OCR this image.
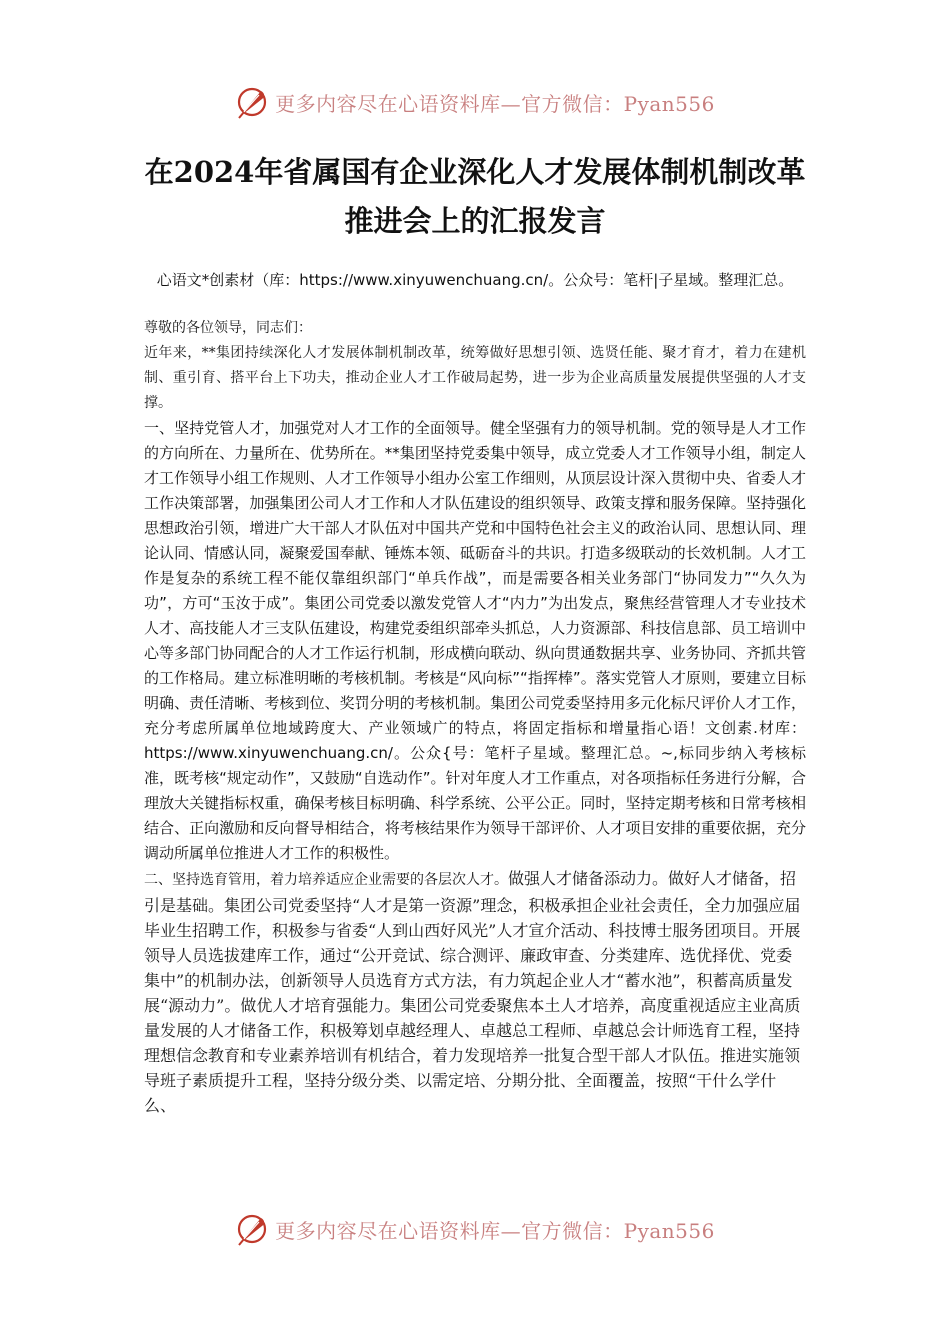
更多内容尽在心语资料库—官方微信：Pyan556
在2024年省属国有企业深化人才发展体制机制改革
推进会上的汇报发言

心语文*创素材（库：https://www.xinyuwenchuang.cn/。公众号：笔杆|子星域。整理汇总。

尊敬的各位领导，同志们：

近年来，**集团持续深化人才发展体制机制改革，统筹做好思想引领、选贤任能、聚才育才，着力在建机制、重引育、搭平台上下功夫，推动企业人才工作破局起势，进一步为企业高质量发展提供坚强的人才支撑。

一、坚持党管人才，加强党对人才工作的全面领导。健全坚强有力的领导机制。党的领导是人才工作的方向所在、力量所在、优势所在。**集团坚持党委集中领导，成立党委人才工作领导小组，制定人才工作领导小组工作规则、人才工作领导小组办公室工作细则，从顶层设计深入贯彻中央、省委人才工作决策部署，加强集团公司人才工作和人才队伍建设的组织领导、政策支撑和服务保障。坚持强化思想政治引领，增进广大干部人才队伍对中国共产党和中国特色社会主义的政治认同、思想认同、理论认同、情感认同，凝聚爱国奉献、锤炼本领、砥砺奋斗的共识。打造多级联动的长效机制。人才工作是复杂的系统工程不能仅靠组织部门“单兵作战”，而是需要各相关业务部门“协同发力”“久久为功”，方可“玉汝于成”。集团公司党委以激发党管人才“内力”为出发点，聚焦经营管理人才专业技术人才、高技能人才三支队伍建设，构建党委组织部牵头抓总，人力资源部、科技信息部、员工培训中心等多部门协同配合的人才工作运行机制，形成横向联动、纵向贯通数据共享、业务协同、齐抓共管的工作格局。建立标准明晰的考核机制。考核是“风向标”“指挥棒”。落实党管人才原则，要建立目标明确、责任清晰、考核到位、奖罚分明的考核机制。集团公司党委坚持用多元化标尺评价人才工作，充分考虑所属单位地域跨度大、产业领域广的特点，将固定指标和增量指心语！文创素.材库：https://www.xinyuwenchuang.cn/。公众{号：笔杆子星域。整理汇总。~,标同步纳入考核标准，既考核“规定动作”，又鼓励“自选动作”。针对年度人才工作重点，对各项指标任务进行分解，合理放大关键指标权重，确保考核目标明确、科学系统、公平公正。同时，坚持定期考核和日常考核相结合、正向激励和反向督导相结合，将考核结果作为领导干部评价、人才项目安排的重要依据，充分调动所属单位推进人才工作的积极性。

二、坚持选育管用，着力培养适应企业需要的各层次人才。

做强人才储备添动力。做好人才储备，招引是基础。集团公司党委坚持“人才是第一资源”理念，积极承担企业社会责任，全力加强应届毕业生招聘工作，积极参与省委“人到山西好风光”人才宣介活动、科技博士服务团项目。开展领导人员选拔建库工作，通过“公开竞试、综合测评、廉政审查、分类建库、选优择优、党委集中”的机制办法，创新领导人员选育方式方法，有力筑起企业人才“蓄水池”，积蓄高质量发展“源动力”。做优人才培育强能力。集团公司党委聚焦本土人才培养，高度重视适应主业高质量发展的人才储备工作，积极筹划卓越经理人、卓越总工程师、卓越总会计师选育工程，坚持理想信念教育和专业素养培训有机结合，着力发现培养一批复合型干部人才队伍。推进实施领导班子素质提升工程，坚持分级分类、以需定培、分期分批、全面覆盖，按照“干什么学什么、

更多内容尽在心语资料库—官方微信：Pyan556
